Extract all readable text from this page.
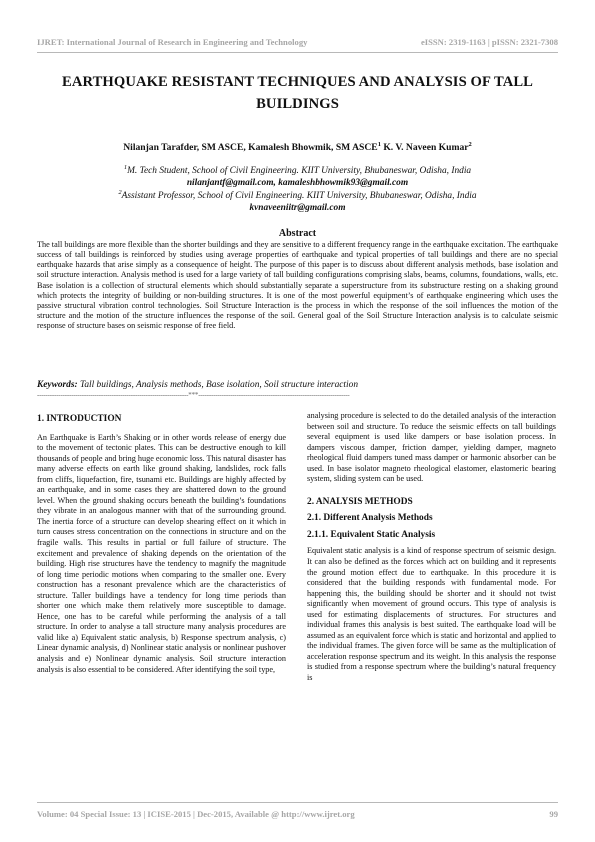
IJRET: International Journal of Research in Engineering and Technology	eISSN: 2319-1163 | pISSN: 2321-7308
EARTHQUAKE RESISTANT TECHNIQUES AND ANALYSIS OF TALL BUILDINGS
Nilanjan Tarafder, SM ASCE, Kamalesh Bhowmik, SM ASCE$^1$ K. V. Naveen Kumar$^2$
$^1$M. Tech Student, School of Civil Engineering. KIIT University, Bhubaneswar, Odisha, India
nilanjantf@gmail.com, kamaleshbhowmik93@gmail.com
$^2$Assistant Professor, School of Civil Engineering. KIIT University, Bhubaneswar, Odisha, India
kvnaveeniitr@gmail.com
Abstract
The tall buildings are more flexible than the shorter buildings and they are sensitive to a different frequency range in the earthquake excitation. The earthquake success of tall buildings is reinforced by studies using average properties of earthquake and typical properties of tall buildings and there are no special earthquake hazards that arise simply as a consequence of height. The purpose of this paper is to discuss about different analysis methods, base isolation and soil structure interaction. Analysis method is used for a large variety of tall building configurations comprising slabs, beams, columns, foundations, walls, etc. Base isolation is a collection of structural elements which should substantially separate a superstructure from its substructure resting on a shaking ground which protects the integrity of building or non-building structures. It is one of the most powerful equipment’s of earthquake engineering which uses the passive structural vibration control technologies. Soil Structure Interaction is the process in which the response of the soil influences the motion of the structure and the motion of the structure influences the response of the soil. General goal of the Soil Structure Interaction analysis is to calculate seismic response of structure bases on seismic response of free field.
Keywords: Tall buildings, Analysis methods, Base isolation, Soil structure interaction
-----------------------------------------------------------------------***-----------------------------------------------------------------------
1. INTRODUCTION

An Earthquake is Earth’s Shaking or in other words release of energy due to the movement of tectonic plates. This can be destructive enough to kill thousands of people and bring huge economic loss. This natural disaster has many adverse effects on earth like ground shaking, landslides, rock falls from cliffs, liquefaction, fire, tsunami etc. Buildings are highly affected by an earthquake, and in some cases they are shattered down to the ground level. When the ground shaking occurs beneath the building’s foundations they vibrate in an analogous manner with that of the surrounding ground. The inertia force of a structure can develop shearing effect on it which in turn causes stress concentration on the connections in structure and on the fragile walls. This results in partial or full failure of structure. The excitement and prevalence of shaking depends on the orientation of the building. High rise structures have the tendency to magnify the magnitude of long time periodic motions when comparing to the smaller one. Every construction has a resonant prevalence which are the characteristics of structure. Taller buildings have a tendency for long time periods than shorter one which make them relatively more susceptible to damage. Hence, one has to be careful while performing the analysis of a tall structure. In order to analyse a tall structure many analysis procedures are valid like a) Equivalent static analysis, b) Response spectrum analysis, c) Linear dynamic analysis, d) Nonlinear static analysis or nonlinear pushover analysis and e) Nonlinear dynamic analysis. Soil structure interaction analysis is also essential to be considered. After identifying the soil type,

analysing procedure is selected to do the detailed analysis of the interaction between soil and structure. To reduce the seismic effects on tall buildings several equipment is used like dampers or base isolation process. In dampers viscous damper, friction damper, yielding damper, magneto rheological fluid dampers tuned mass damper or harmonic absorber can be used. In base isolator magneto rheological elastomer, elastomeric bearing system, sliding system can be used.

2. ANALYSIS METHODS
2.1. Different Analysis Methods
2.1.1. Equivalent Static Analysis

Equivalent static analysis is a kind of response spectrum of seismic design. It can also be defined as the forces which act on building and it represents the ground motion effect due to earthquake. In this procedure it is considered that the building responds with fundamental mode. For happening this, the building should be shorter and it should not twist significantly when movement of ground occurs. This type of analysis is used for estimating displacements of structures. For structures and individual frames this analysis is best suited. The earthquake load will be assumed as an equivalent force which is static and horizontal and applied to the individual frames. The given force will be same as the multiplication of acceleration response spectrum and its weight. In this analysis the response is studied from a response spectrum where the building’s natural frequency is

Volume: 04 Special Issue: 13 | ICISE-2015 | Dec-2015, Available @ http://www.ijret.org	99
